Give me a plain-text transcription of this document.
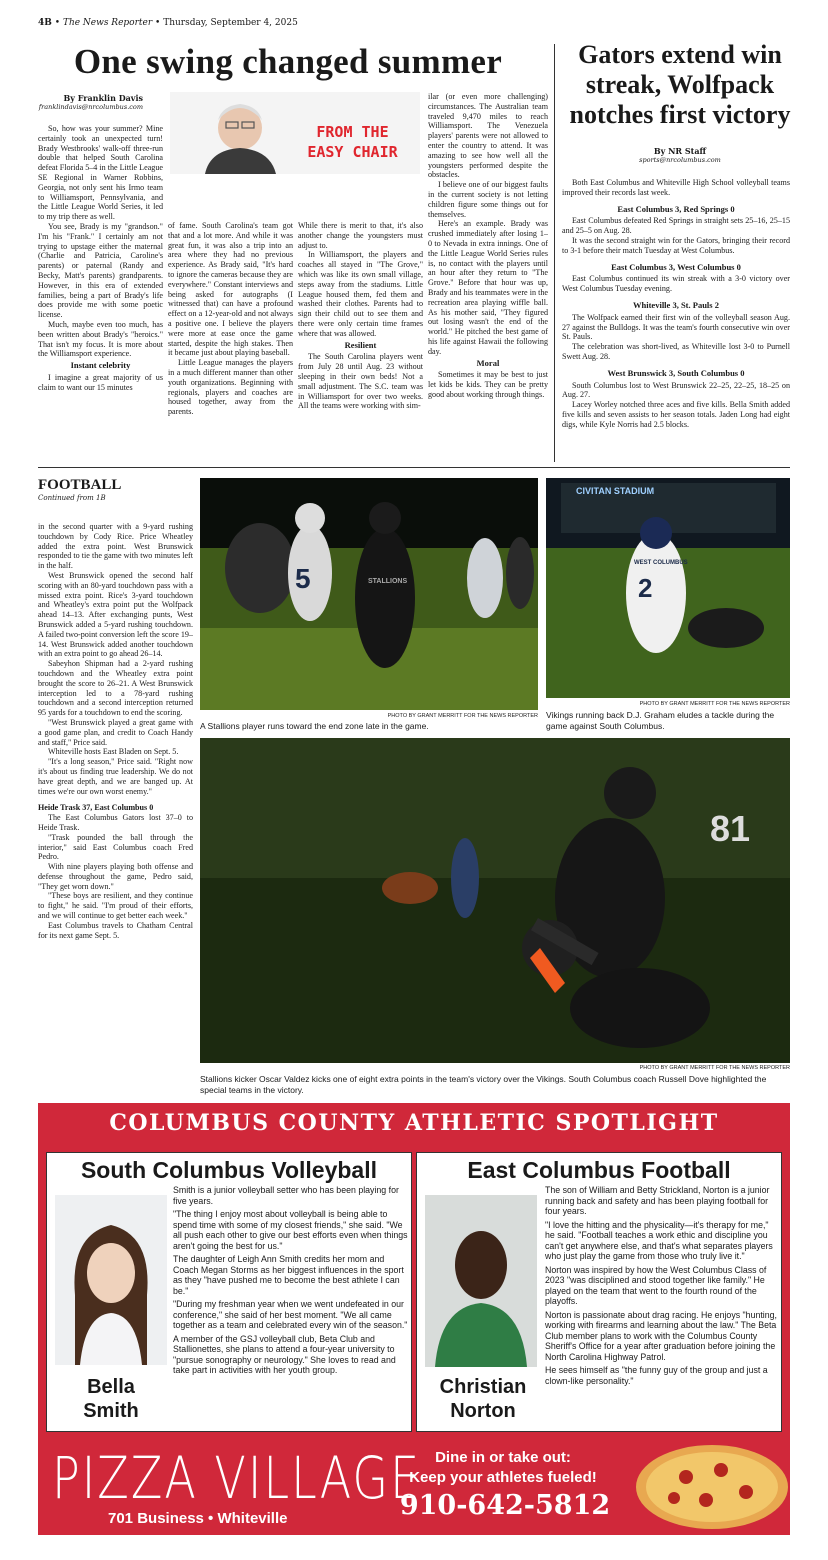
4B • The News Reporter • Thursday, September 4, 2025
One swing changed summer
By Franklin Davis
franklindavis@nrcolumbus.com
FROM THE
EASY CHAIR

So, how was your summer? Mine certainly took an unexpected turn! Brady Westbrooks' walk-off three-run double that helped South Carolina defeat Florida 5–4 in the Little League SE Regional in Warner Robbins, Georgia, not only sent his Irmo team to Williamsport, Pennsylvania, and the Little League World Series, it led to my trip there as well.

You see, Brady is my "grandson." I'm his "Frank." I certainly am not trying to upstage either the maternal (Charlie and Patricia, Caroline's parents) or paternal (Randy and Becky, Matt's parents) grandparents. However, in this era of extended families, being a part of Brady's life does provide me with some poetic license.

Much, maybe even too much, has been written about Brady's "heroics." That isn't my focus. It is more about the Williamsport experience.

Instant celebrity

I imagine a great majority of us claim to want our 15 minutes

of fame. South Carolina's team got that and a lot more. And while it was great fun, it was also a trip into an area where they had no previous experience. As Brady said, "It's hard to ignore the cameras because they are everywhere." Constant interviews and being asked for autographs (I witnessed that) can have a profound effect on a 12-year-old and not always a positive one. I believe the players were more at ease once the game started, despite the high stakes. Then it became just about playing baseball.

Little League manages the players in a much different manner than other youth organizations. Beginning with regionals, players and coaches are housed together, away from the parents.

While there is merit to that, it's also another change the youngsters must adjust to.

In Williamsport, the players and coaches all stayed in "The Grove," which was like its own small village, steps away from the stadiums. Little League housed them, fed them and washed their clothes. Parents had to sign their child out to see them and there were only certain time frames where that was allowed.

Resilient

The South Carolina players went from July 28 until Aug. 23 without sleeping in their own beds! Not a small adjustment. The S.C. team was in Williamsport for over two weeks. All the teams were working with sim-

ilar (or even more challenging) circumstances. The Australian team traveled 9,470 miles to reach Williamsport. The Venezuela players' parents were not allowed to enter the country to attend. It was amazing to see how well all the youngsters performed despite the obstacles.

I believe one of our biggest faults in the current society is not letting children figure some things out for themselves.

Here's an example. Brady was crushed immediately after losing 1–0 to Nevada in extra innings. One of the Little League World Series rules is, no contact with the players until an hour after they return to "The Grove." Before that hour was up, Brady and his teammates were in the recreation area playing wiffle ball. As his mother said, "They figured out losing wasn't the end of the world." He pitched the best game of his life against Hawaii the following day.

Moral

Sometimes it may be best to just let kids be kids. They can be pretty good about working through things.

Gators extend win streak, Wolfpack notches first victory
By NR Staff
sports@nrcolumbus.com

Both East Columbus and Whiteville High School volleyball teams improved their records last week.

East Columbus 3, Red Springs 0

East Columbus defeated Red Springs in straight sets 25–16, 25–15 and 25–5 on Aug. 28.

It was the second straight win for the Gators, bringing their record to 3-1 before their match Tuesday at West Columbus.

East Columbus 3, West Columbus 0

East Columbus continued its win streak with a 3-0 victory over West Columbus Tuesday evening.

Whiteville 3, St. Pauls 2

The Wolfpack earned their first win of the volleyball season Aug. 27 against the Bulldogs. It was the team's fourth consecutive win over St. Pauls.

The celebration was short-lived, as Whiteville lost 3-0 to Purnell Swett Aug. 28.

West Brunswick 3, South Columbus 0

South Columbus lost to West Brunswick 22–25, 22–25, 18–25 on Aug. 27.

Lacey Worley notched three aces and five kills. Bella Smith added five kills and seven assists to her season totals. Jaden Long had eight digs, while Kyle Norris had 2.5 blocks.

FOOTBALL
Continued from 1B

in the second quarter with a 9-yard rushing touchdown by Cody Rice. Price Wheatley added the extra point. West Brunswick responded to tie the game with two minutes left in the half.

West Brunswick opened the second half scoring with an 80-yard touchdown pass with a missed extra point. Rice's 3-yard touchdown and Wheatley's extra point put the Wolfpack ahead 14–13. After exchanging punts, West Brunswick added a 5-yard rushing touchdown. A failed two-point conversion left the score 19–14. West Brunswick added another touchdown with an extra point to go ahead 26–14.

Sabeyhon Shipman had a 2-yard rushing touchdown and the Wheatley extra point brought the score to 26–21. A West Brunswick interception led to a 78-yard rushing touchdown and a second interception returned 95 yards for a touchdown to end the scoring.

"West Brunswick played a great game with a good game plan, and credit to Coach Handy and staff," Price said.

Whiteville hosts East Bladen on Sept. 5.

"It's a long season," Price said. "Right now it's about us finding true leadership. We do not have great depth, and we are banged up. At times we're our own worst enemy."

Heide Trask 37, East Columbus 0

The East Columbus Gators lost 37–0 to Heide Trask.

"Trask pounded the ball through the interior," said East Columbus coach Fred Pedro.

With nine players playing both offense and defense throughout the game, Pedro said, "They get worn down."

"These boys are resilient, and they continue to fight," he said. "I'm proud of their efforts, and we will continue to get better each week."

East Columbus travels to Chatham Central for its next game Sept. 5.

5	STALLIONS
PHOTO BY GRANT MERRITT FOR THE NEWS REPORTER
A Stallions player runs toward the end zone late in the game.
CIVITAN STADIUM
2
WEST COLUMBUS
PHOTO BY GRANT MERRITT FOR THE NEWS REPORTER
Vikings running back D.J. Graham eludes a tackle during the game against South Columbus.
81
PHOTO BY GRANT MERRITT FOR THE NEWS REPORTER
Stallions kicker Oscar Valdez kicks one of eight extra points in the team's victory over the Vikings. South Columbus coach Russell Dove highlighted the special teams in the victory.
COLUMBUS COUNTY ATHLETIC SPOTLIGHT
South Columbus Volleyball
Bella
Smith

Smith is a junior volleyball setter who has been playing for five years.

"The thing I enjoy most about volleyball is being able to spend time with some of my closest friends," she said. "We all push each other to give our best efforts even when things aren't going the best for us."

The daughter of Leigh Ann Smith credits her mom and Coach Megan Storms as her biggest influences in the sport as they "have pushed me to become the best athlete I can be."

"During my freshman year when we went undefeated in our conference," she said of her best moment. "We all came together as a team and celebrated every win of the season."

A member of the GSJ volleyball club, Beta Club and Stallionettes, she plans to attend a four-year university to "pursue sonography or neurology." She loves to read and take part in activities with her youth group.

East Columbus Football
Christian
Norton

The son of William and Betty Strickland, Norton is a junior running back and safety and has been playing football for four years.

"I love the hitting and the physicality—it's therapy for me," he said. "Football teaches a work ethic and discipline you can't get anywhere else, and that's what separates players who just play the game from those who truly live it."

Norton was inspired by how the West Columbus Class of 2023 "was disciplined and stood together like family." He played on the team that went to the fourth round of the playoffs.

Norton is passionate about drag racing. He enjoys "hunting, working with firearms and learning about the law." The Beta Club member plans to work with the Columbus County Sheriff's Office for a year after graduation before joining the North Carolina Highway Patrol.

He sees himself as "the funny guy of the group and just a clown-like personality."

PIZZA VILLAGE
701 Business • Whiteville
Dine in or take out:
Keep your athletes fueled!
910-642-5812
